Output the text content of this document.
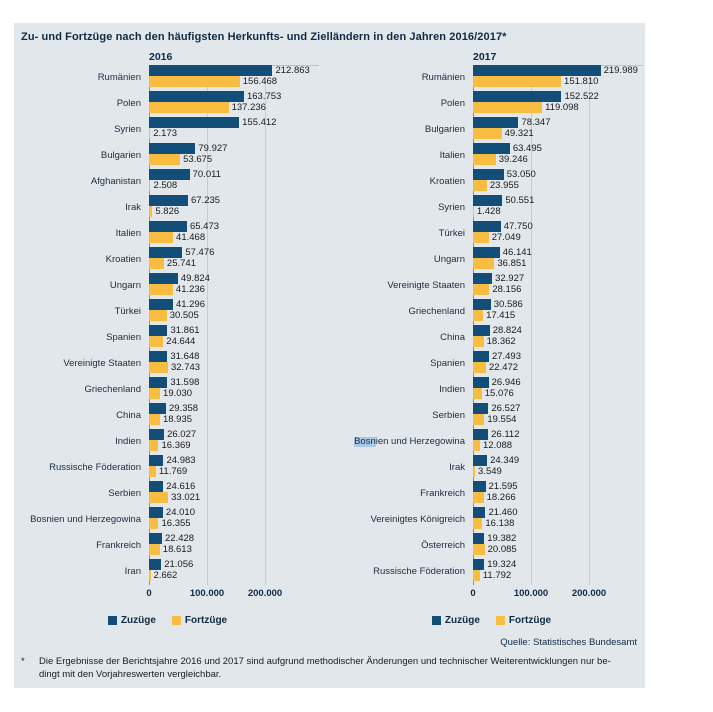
Zu- und Fortzüge nach den häufigsten Herkunfts- und Zielländern in den Jahren 2016/2017*
2016
Rumänien
212.863
156.468
Polen
163.753
137.236
Syrien
155.412
2.173
Bulgarien
79.927
53.675
Afghanistan
70.011
2.508
Irak
67.235
5.826
Italien
65.473
41.468
Kroatien
57.476
25.741
Ungarn
49.824
41.236
Türkei
41.296
30.505
Spanien
31.861
24.644
Vereinigte Staaten
31.648
32.743
Griechenland
31.598
19.030
China
29.358
18.935
Indien
26.027
16.369
Russische Föderation
24.983
11.769
Serbien
24.616
33.021
Bosnien und Herzegowina
24.010
16.355
Frankreich
22.428
18.613
Iran
21.056
2.662
0	100.000 200.000
Zuzüge	Fortzüge
2017
Rumänien
219.989
151.810
Polen
152.522
119.098
Bulgarien
78.347
49.321
Italien
63.495
39.246
Kroatien
53.050
23.955
Syrien
50.551
1.428
Türkei
47.750
27.049
Ungarn
46.141
36.851
Vereinigte Staaten
32.927
28.156
Griechenland
30.586
17.415
China
28.824
18.362
Spanien
27.493
22.472
Indien
26.946
15.076
Serbien
26.527
19.554
Bosn ien und Herzegowina
26.112
12.088
Irak
24.349
3.549
Frankreich
21.595
18.266
Vereinigtes Königreich
21.460
16.138
Österreich
19.382
20.085
Russische Föderation
19.324
11.792
0	100.000 200.000
Zuzüge	Fortzüge
Quelle: Statistisches Bundesamt
*	Die Ergebnisse der Berichtsjahre 2016 und 2017 sind aufgrund methodischer Änderungen und technischer Weiterentwicklungen nur be-
dingt mit den Vorjahreswerten vergleichbar.
